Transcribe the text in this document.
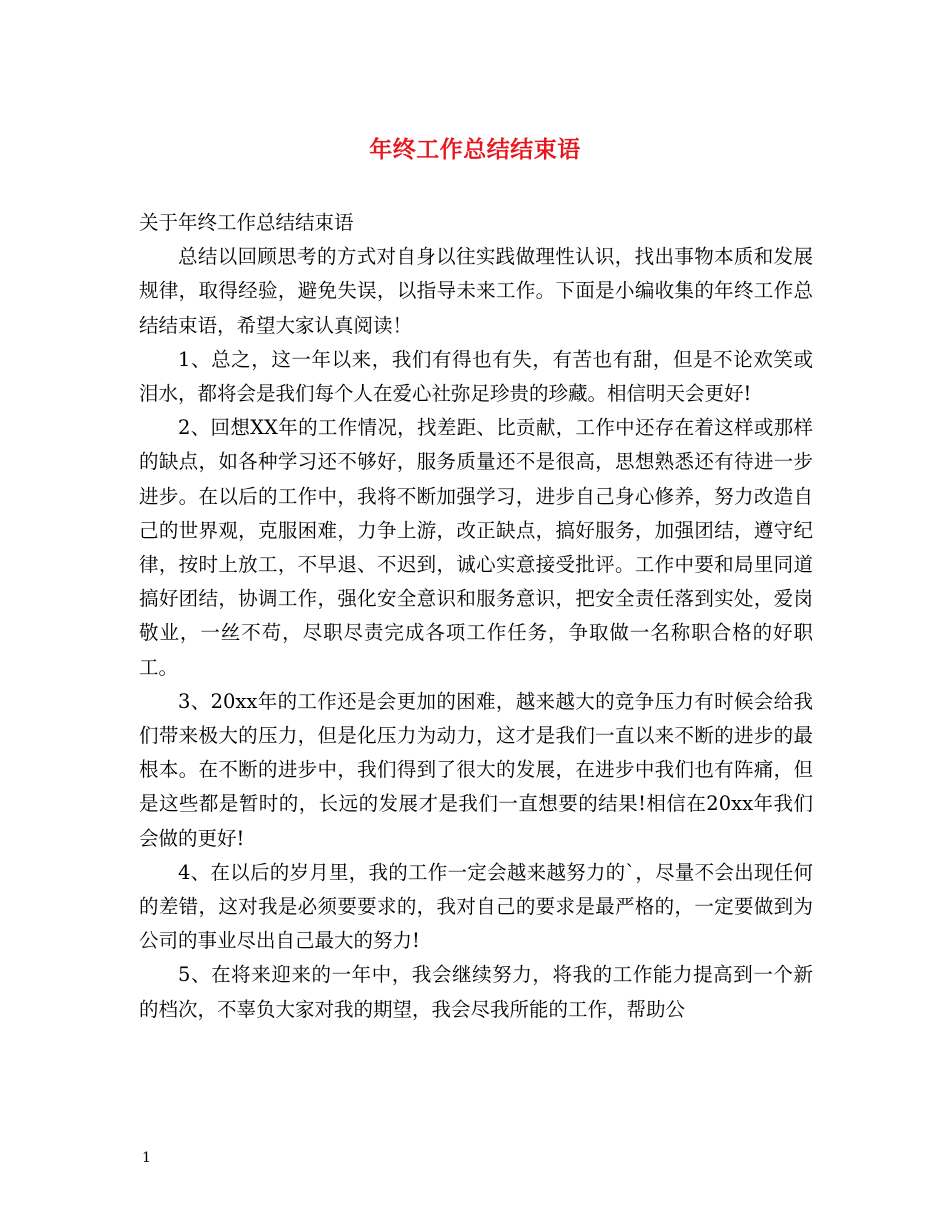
年终工作总结结束语

关于年终工作总结结束语

总结以回顾思考的方式对自身以往实践做理性认识，找出事物本质和发展规律，取得经验，避免失误，以指导未来工作。下面是小编收集的年终工作总结结束语，希望大家认真阅读！

1、总之，这一年以来，我们有得也有失，有苦也有甜，但是不论欢笑或泪水，都将会是我们每个人在爱心社弥足珍贵的珍藏。相信明天会更好!

2、回想XX年的工作情况，找差距、比贡献，工作中还存在着这样或那样的缺点，如各种学习还不够好，服务质量还不是很高，思想熟悉还有待进一步进步。在以后的工作中，我将不断加强学习，进步自己身心修养，努力改造自己的世界观，克服困难，力争上游，改正缺点，搞好服务，加强团结，遵守纪律，按时上放工，不早退、不迟到，诚心实意接受批评。工作中要和局里同道搞好团结，协调工作，强化安全意识和服务意识，把安全责任落到实处，爱岗敬业，一丝不苟，尽职尽责完成各项工作任务，争取做一名称职合格的好职工。

3、20xx年的工作还是会更加的困难，越来越大的竞争压力有时候会给我们带来极大的压力，但是化压力为动力，这才是我们一直以来不断的进步的最根本。在不断的进步中，我们得到了很大的发展，在进步中我们也有阵痛，但是这些都是暂时的，长远的发展才是我们一直想要的结果!相信在20xx年我们会做的更好!

4、在以后的岁月里，我的工作一定会越来越努力的`，尽量不会出现任何的差错，这对我是必须要要求的，我对自己的要求是最严格的，一定要做到为公司的事业尽出自己最大的努力!

5、在将来迎来的一年中，我会继续努力，将我的工作能力提高到一个新的档次，不辜负大家对我的期望，我会尽我所能的工作，帮助公

1
